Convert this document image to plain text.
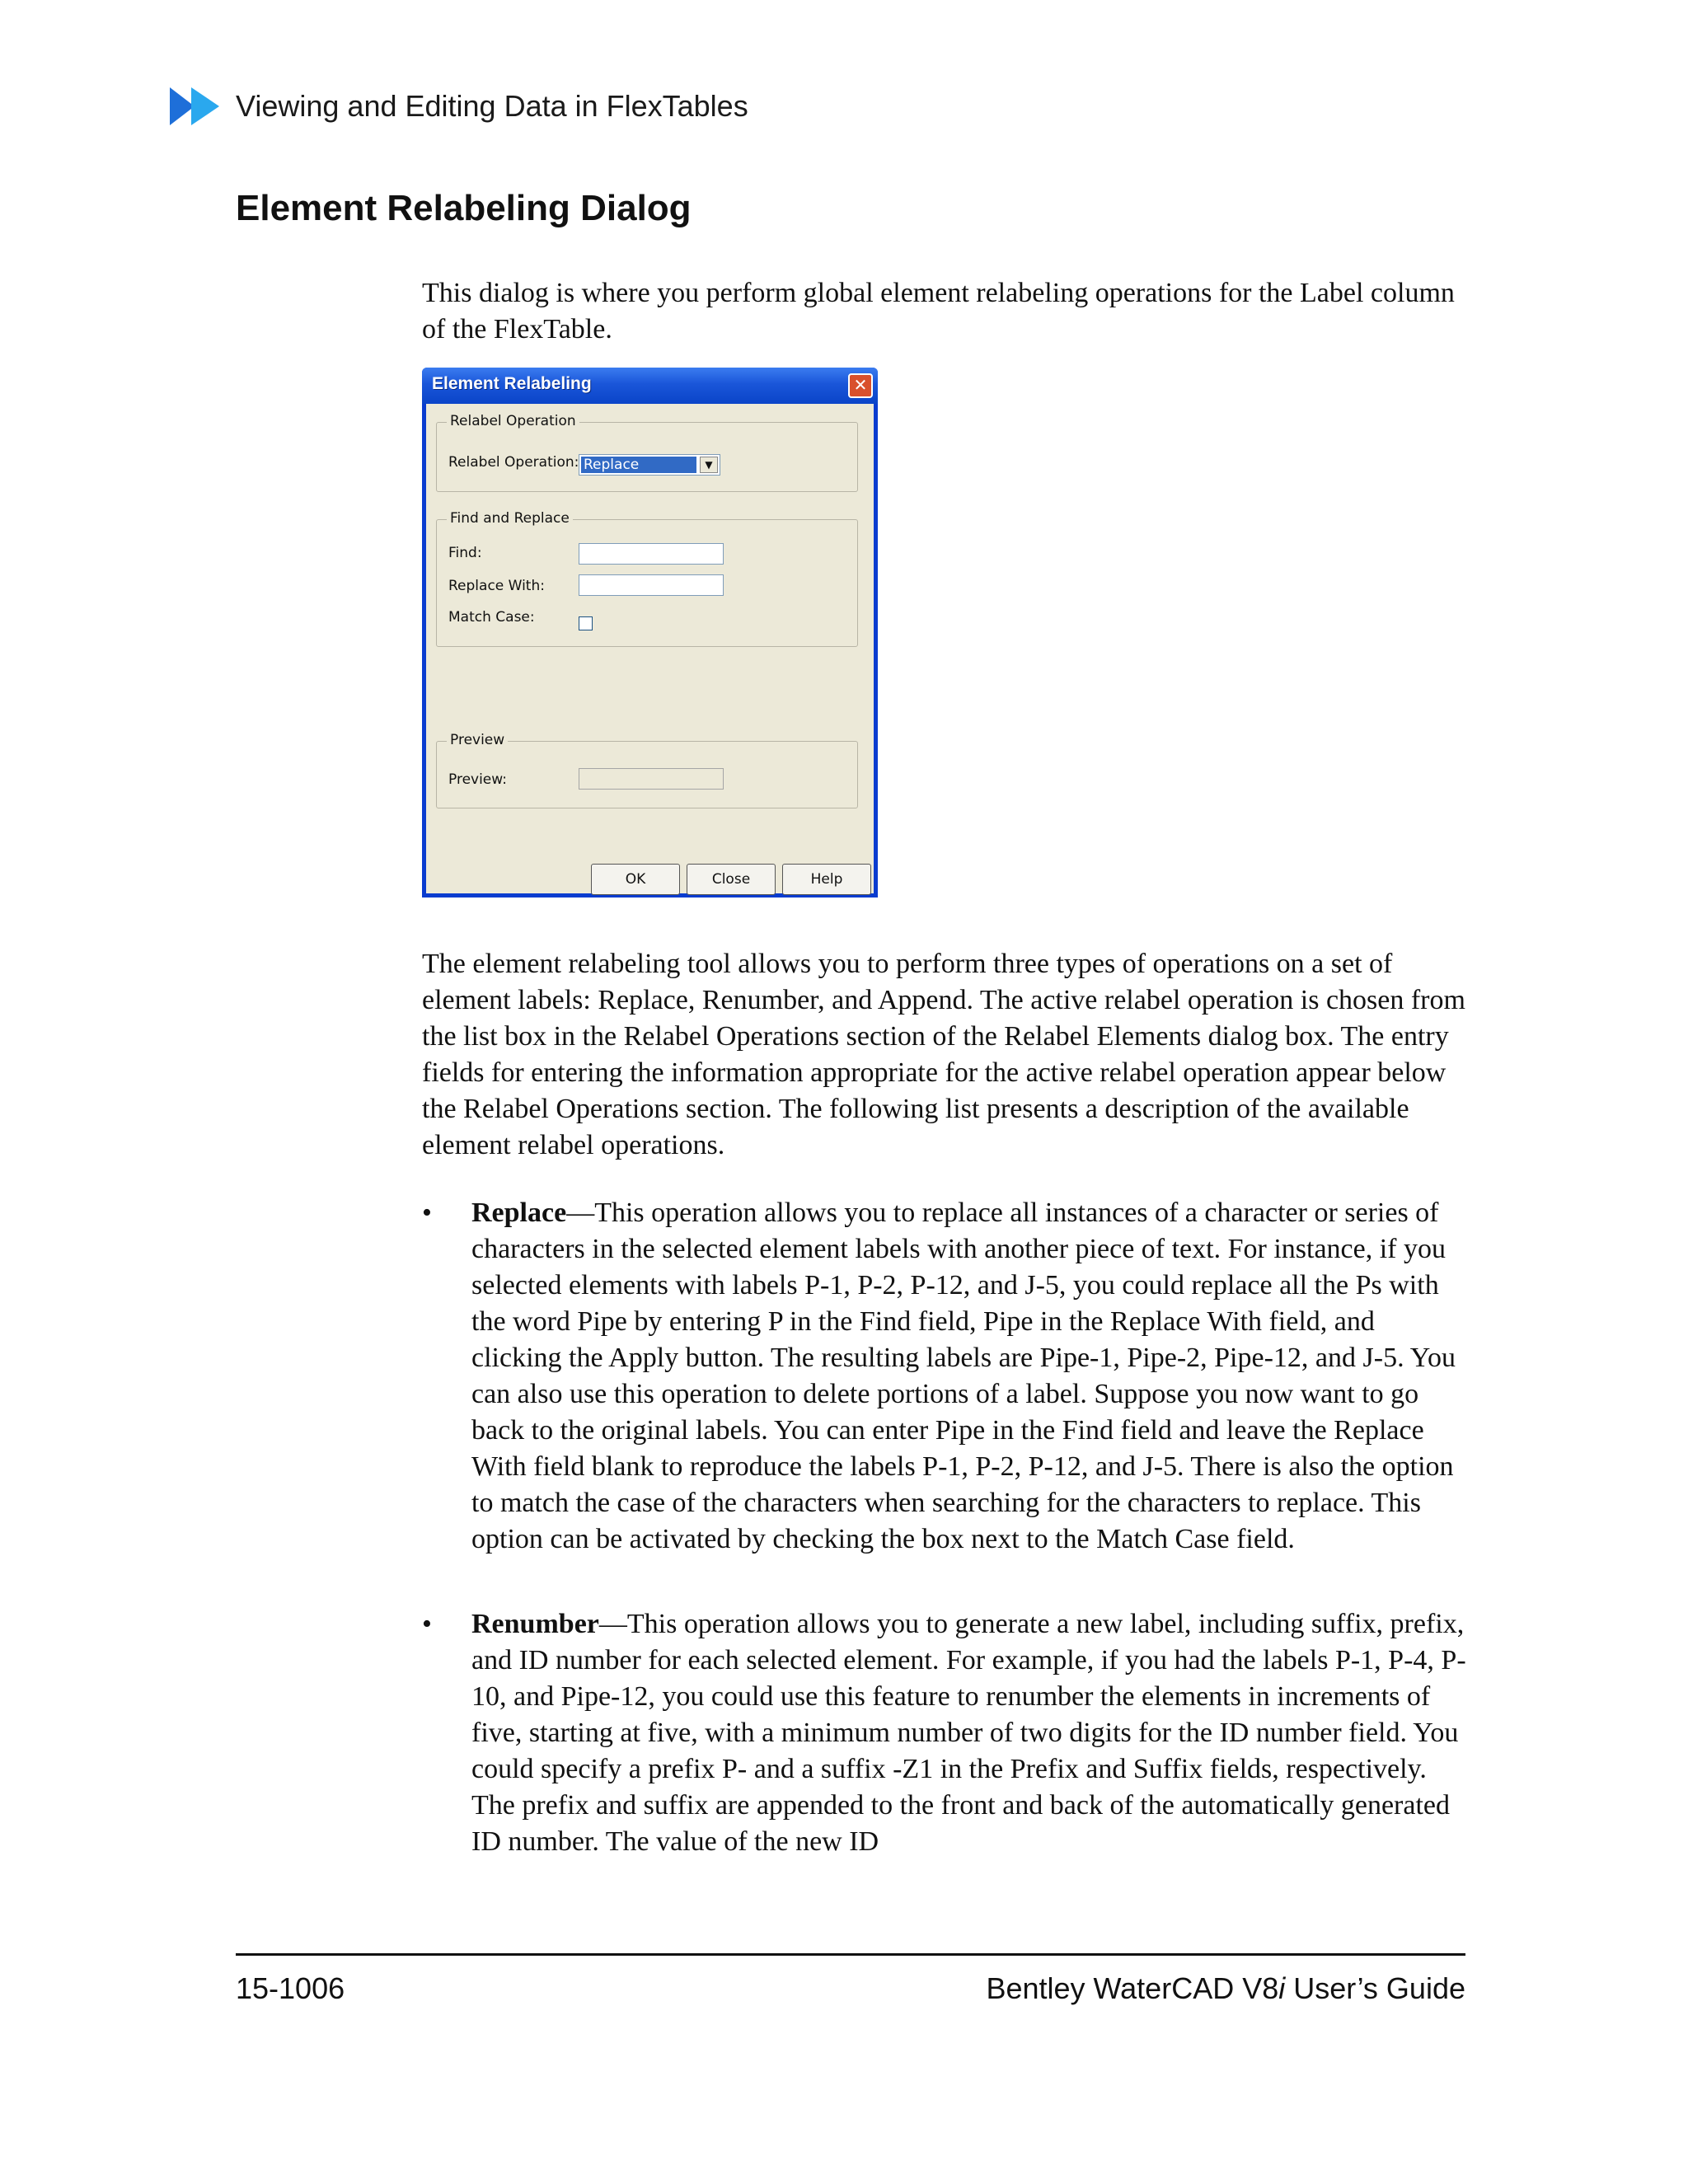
Viewing and Editing Data in FlexTables
Element Relabeling Dialog
This dialog is where you perform global element relabeling operations for the Label column of the FlexTable.
Element Relabeling	✕
Relabel Operation
Relabel Operation: Replace	▼
Find and Replace
Find:
Replace With:
Match Case:
Preview
Preview:
OK	Close	Help
The element relabeling tool allows you to perform three types of operations on a set of element labels: Replace, Renumber, and Append. The active relabel operation is chosen from the list box in the Relabel Operations section of the Relabel Elements dialog box. The entry fields for entering the information appropriate for the active relabel operation appear below the Relabel Operations section. The following list presents a description of the available element relabel operations.
•	Replace—This operation allows you to replace all instances of a character or series of characters in the selected element labels with another piece of text. For instance, if you selected elements with labels P-1, P-2, P-12, and J-5, you could replace all the Ps with the word Pipe by entering P in the Find field, Pipe in the Replace With field, and clicking the Apply button. The resulting labels are Pipe-1, Pipe-2, Pipe-12, and J-5. You can also use this operation to delete portions of a label. Suppose you now want to go back to the original labels. You can enter Pipe in the Find field and leave the Replace With field blank to reproduce the labels P-1, P-2, P-12, and J-5. There is also the option to match the case of the characters when searching for the characters to replace. This option can be activated by checking the box next to the Match Case field.
•	Renumber—This operation allows you to generate a new label, including suffix, prefix, and ID number for each selected element. For example, if you had the labels P-1, P-4, P-10, and Pipe-12, you could use this feature to renumber the elements in increments of five, starting at five, with a minimum number of two digits for the ID number field. You could specify a prefix P- and a suffix -Z1 in the Prefix and Suffix fields, respectively. The prefix and suffix are appended to the front and back of the automatically generated ID number. The value of the new ID
15-1006	Bentley WaterCAD V8i User’s Guide
